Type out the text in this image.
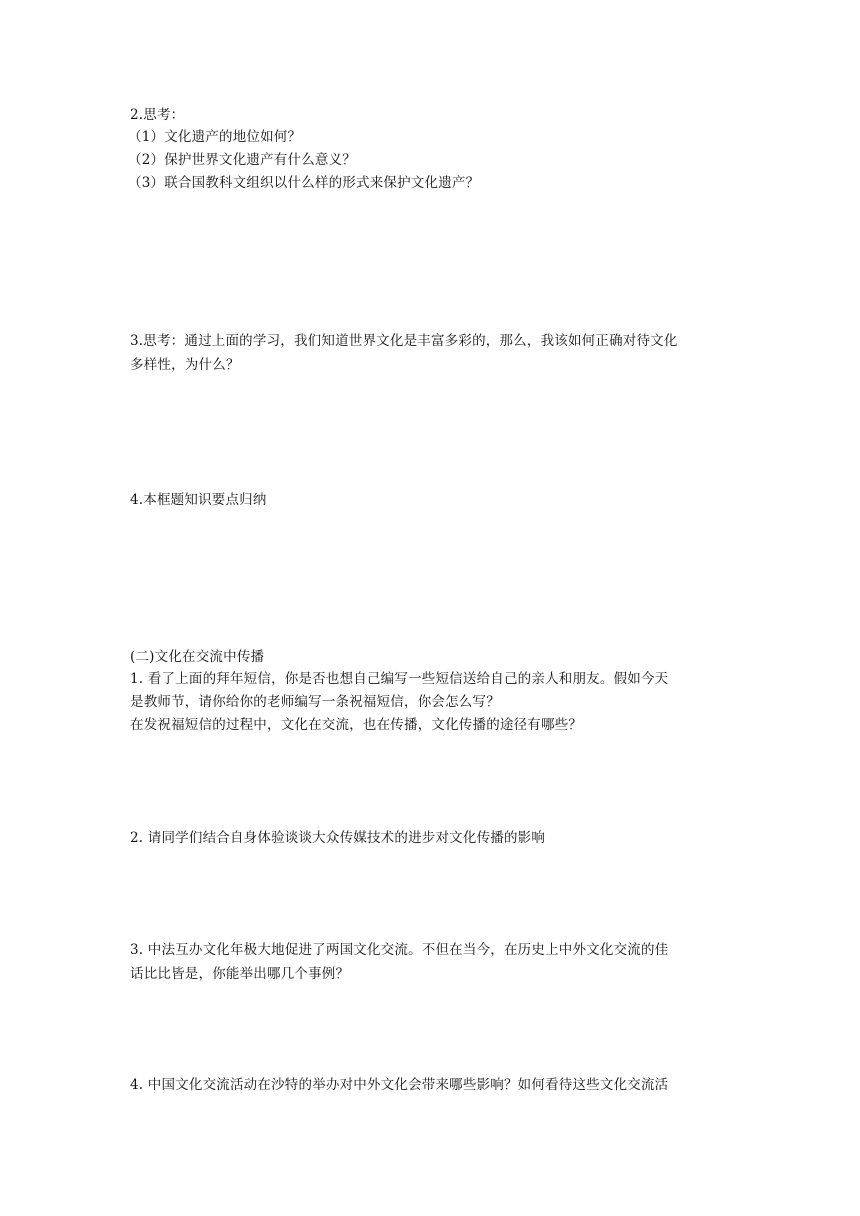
2.思考：
（1）文化遗产的地位如何？
（2）保护世界文化遗产有什么意义？
（3）联合国教科文组织以什么样的形式来保护文化遗产？
3.思考：通过上面的学习，我们知道世界文化是丰富多彩的，那么，我该如何正确对待文化
多样性，为什么？
4.本框题知识要点归纳
(二)文化在交流中传播
1. 看了上面的拜年短信，你是否也想自己编写一些短信送给自己的亲人和朋友。假如今天
是教师节，请你给你的老师编写一条祝福短信，你会怎么写？
在发祝福短信的过程中，文化在交流，也在传播，文化传播的途径有哪些？
2. 请同学们结合自身体验谈谈大众传媒技术的进步对文化传播的影响
3. 中法互办文化年极大地促进了两国文化交流。不但在当今，在历史上中外文化交流的佳
话比比皆是，你能举出哪几个事例？
4. 中国文化交流活动在沙特的举办对中外文化会带来哪些影响？如何看待这些文化交流活
